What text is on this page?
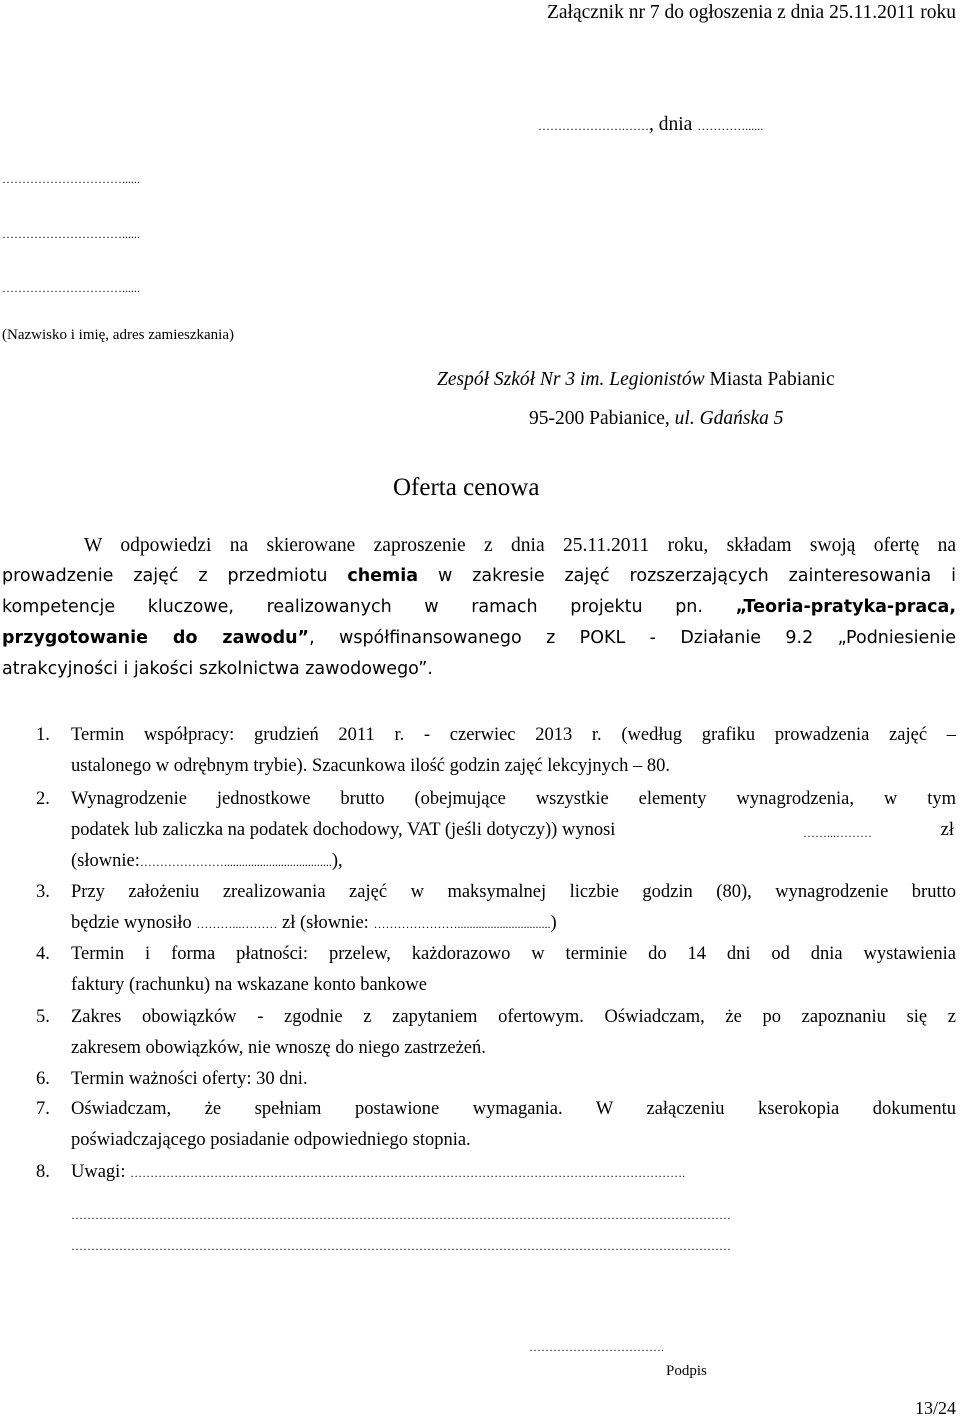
Załącznik nr 7 do ogłoszenia z dnia 25.11.2011 roku
………………….……, dnia …………......
…………………………......
…………………………......
…………………………......
(Nazwisko i imię, adres zamieszkania)
Zespół Szkół Nr 3 im. Legionistów Miasta Pabianic
95-200 Pabianice, ul. Gdańska 5
Oferta cenowa
W odpowiedzi na skierowane zaproszenie z dnia 25.11.2011 roku, składam swoją ofertę na
prowadzenie zajęć z przedmiotu chemia w zakresie zajęć rozszerzających zainteresowania i
kompetencje kluczowe, realizowanych w ramach projektu pn. „Teoria-pratyka-praca,
przygotowanie do zawodu”, współfinansowanego z POKL - Działanie 9.2 „Podniesienie
atrakcyjności i jakości szkolnictwa zawodowego”.
1. Termin współpracy: grudzień 2011 r. - czerwiec 2013 r. (według grafiku prowadzenia zajęć –
ustalonego w odrębnym trybie). Szacunkowa ilość godzin zajęć lekcyjnych – 80.
2. Wynagrodzenie jednostkowe brutto (obejmujące wszystkie elementy wynagrodzenia, w tym
podatek lub zaliczka na podatek dochodowy, VAT (jeśli dotyczy)) wynosi	……...………	zł
(słownie:…………………....................................),
3. Przy założeniu zrealizowania zajęć w maksymalnej liczbie godzin (80), wynagrodzenie brutto
będzie wynosiło ………...……… zł (słownie: …………………...............................)
4. Termin i forma płatności: przelew, każdorazowo w terminie do 14 dni od dnia wystawienia
faktury (rachunku) na wskazane konto bankowe
5. Zakres obowiązków - zgodnie z zapytaniem ofertowym. Oświadczam, że po zapoznaniu się z
zakresem obowiązków, nie wnoszę do niego zastrzeżeń.
6. Termin ważności oferty: 30 dni.
7. Oświadczam, że spełniam postawione wymagania. W załączeniu kserokopia dokumentu
poświadczającego posiadanie odpowiedniego stopnia.
8. Uwagi: ………………………………………………………………………………………………………………………….
…………………………………………………………………………………………………………………………………………………
…………………………………………………………………………………………………………………………………………………
…………………………….
Podpis
13/24
